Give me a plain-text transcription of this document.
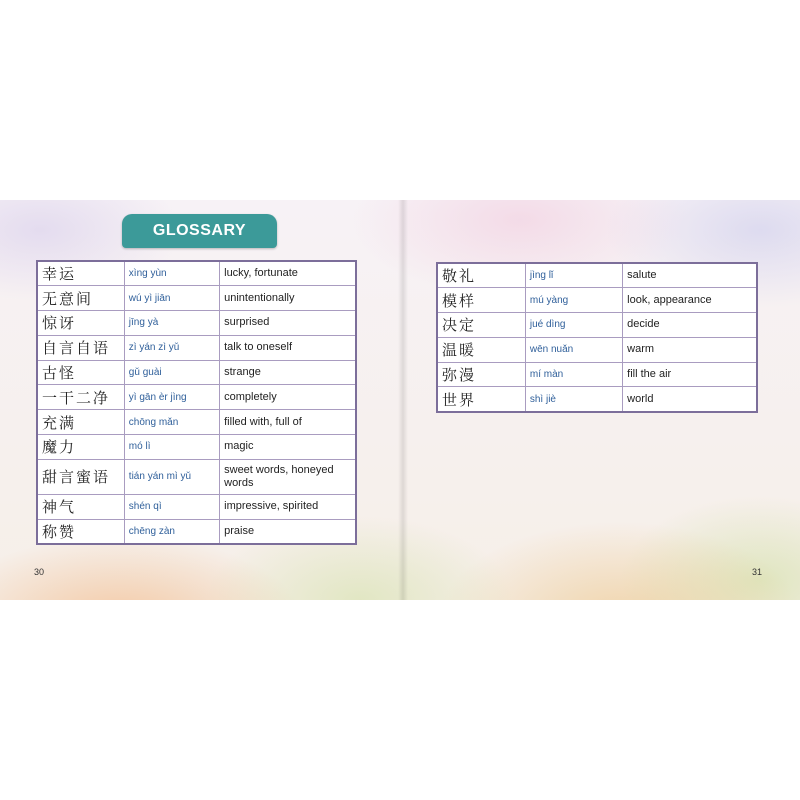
GLOSSARY
幸运	xìng yùn	lucky, fortunate
无意间	wú yì jiān	unintentionally
惊讶	jīng yà	surprised
自言自语	zì yán zì yǔ	talk to oneself
古怪	gǔ guài	strange
一干二净	yì gān èr jìng	completely
充满	chōng mǎn	filled with, full of
魔力	mó lì	magic
甜言蜜语	tián yán mì yǔ	sweet words, honeyed words
神气	shén qì	impressive, spirited
称赞	chēng zàn	praise
敬礼	jìng lǐ	salute
模样	mú yàng	look, appearance
决定	jué dìng	decide
温暖	wēn nuǎn	warm
弥漫	mí màn	fill the air
世界	shì jiè	world
30	31
